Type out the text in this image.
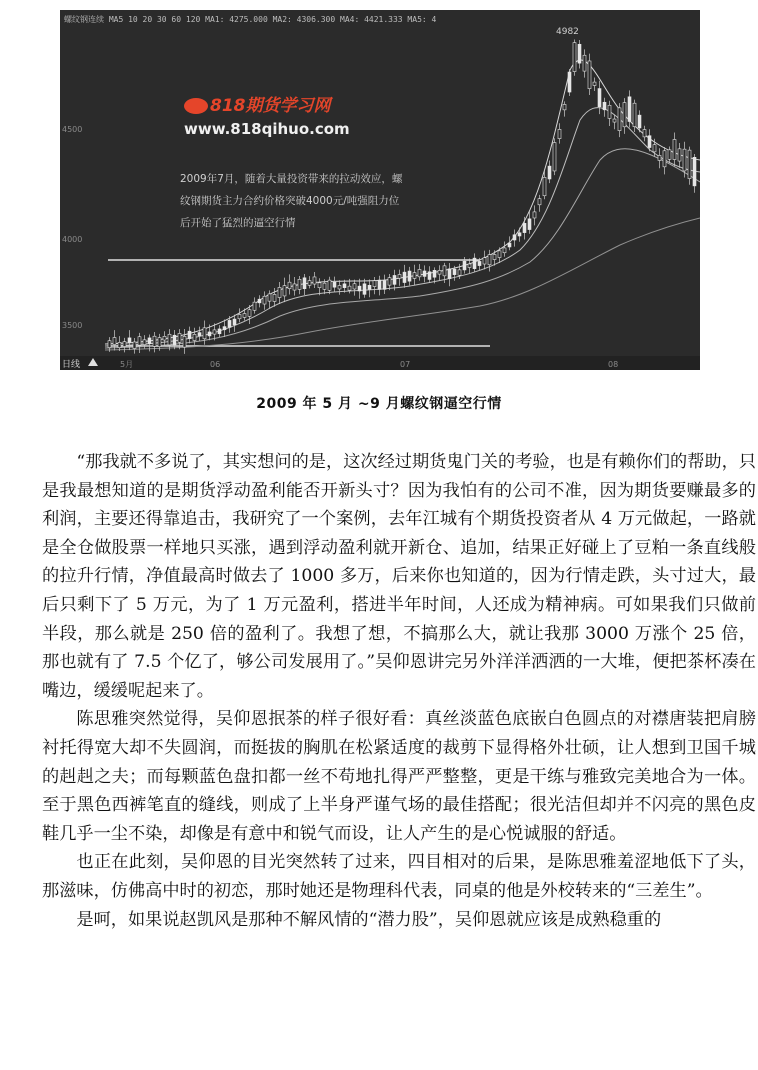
螺纹钢连续 MA5 10 20 30 60 120 MA1: 4275.000 MA2: 4306.300 MA4: 4421.333 MA5: 4
4982
4500
4000
3500
818期货学习网
www.818qihuo.com
2009年7月，随着大量投资带来的拉动效应，螺
纹钢期货主力合约价格突破4000元/吨强阻力位
后开始了猛烈的逼空行情
日线	5月	06	07	08
2009 年 5 月 ~9 月螺纹钢逼空行情

“那我就不多说了，其实想问的是，这次经过期货鬼门关的考验，也是有赖你们的帮助，只是我最想知道的是期货浮动盈利能否开新头寸？因为我怕有的公司不准，因为期货要赚最多的利润，主要还得靠追击，我研究了一个案例，去年江城有个期货投资者从 4 万元做起，一路就是全仓做股票一样地只买涨，遇到浮动盈利就开新仓、追加，结果正好碰上了豆粕一条直线般的拉升行情，净值最高时做去了 1000 多万，后来你也知道的，因为行情走跌，头寸过大，最后只剩下了 5 万元，为了 1 万元盈利，搭进半年时间，人还成为精神病。可如果我们只做前半段，那么就是 250 倍的盈利了。我想了想，不搞那么大，就让我那 3000 万涨个 25 倍，那也就有了 7.5 个亿了，够公司发展用了。”吴仰恩讲完另外洋洋洒洒的一大堆，便把茶杯凑在嘴边，缓缓呢起来了。

陈思雅突然觉得，吴仰恩抿茶的样子很好看：真丝淡蓝色底嵌白色圆点的对襟唐装把肩膀衬托得宽大却不失圆润，而挺拔的胸肌在松紧适度的裁剪下显得格外壮硕，让人想到卫国千城的赳赳之夫；而每颗蓝色盘扣都一丝不苟地扎得严严整整，更是干练与雅致完美地合为一体。至于黑色西裤笔直的缝线，则成了上半身严谨气场的最佳搭配；很光洁但却并不闪亮的黑色皮鞋几乎一尘不染，却像是有意中和锐气而设，让人产生的是心悦诚服的舒适。

也正在此刻，吴仰恩的目光突然转了过来，四目相对的后果，是陈思雅羞涩地低下了头，那滋味，仿佛高中时的初恋，那时她还是物理科代表，同桌的他是外校转来的“三差生”。

是呵，如果说赵凯风是那种不解风情的“潜力股”，吴仰恩就应该是成熟稳重的
